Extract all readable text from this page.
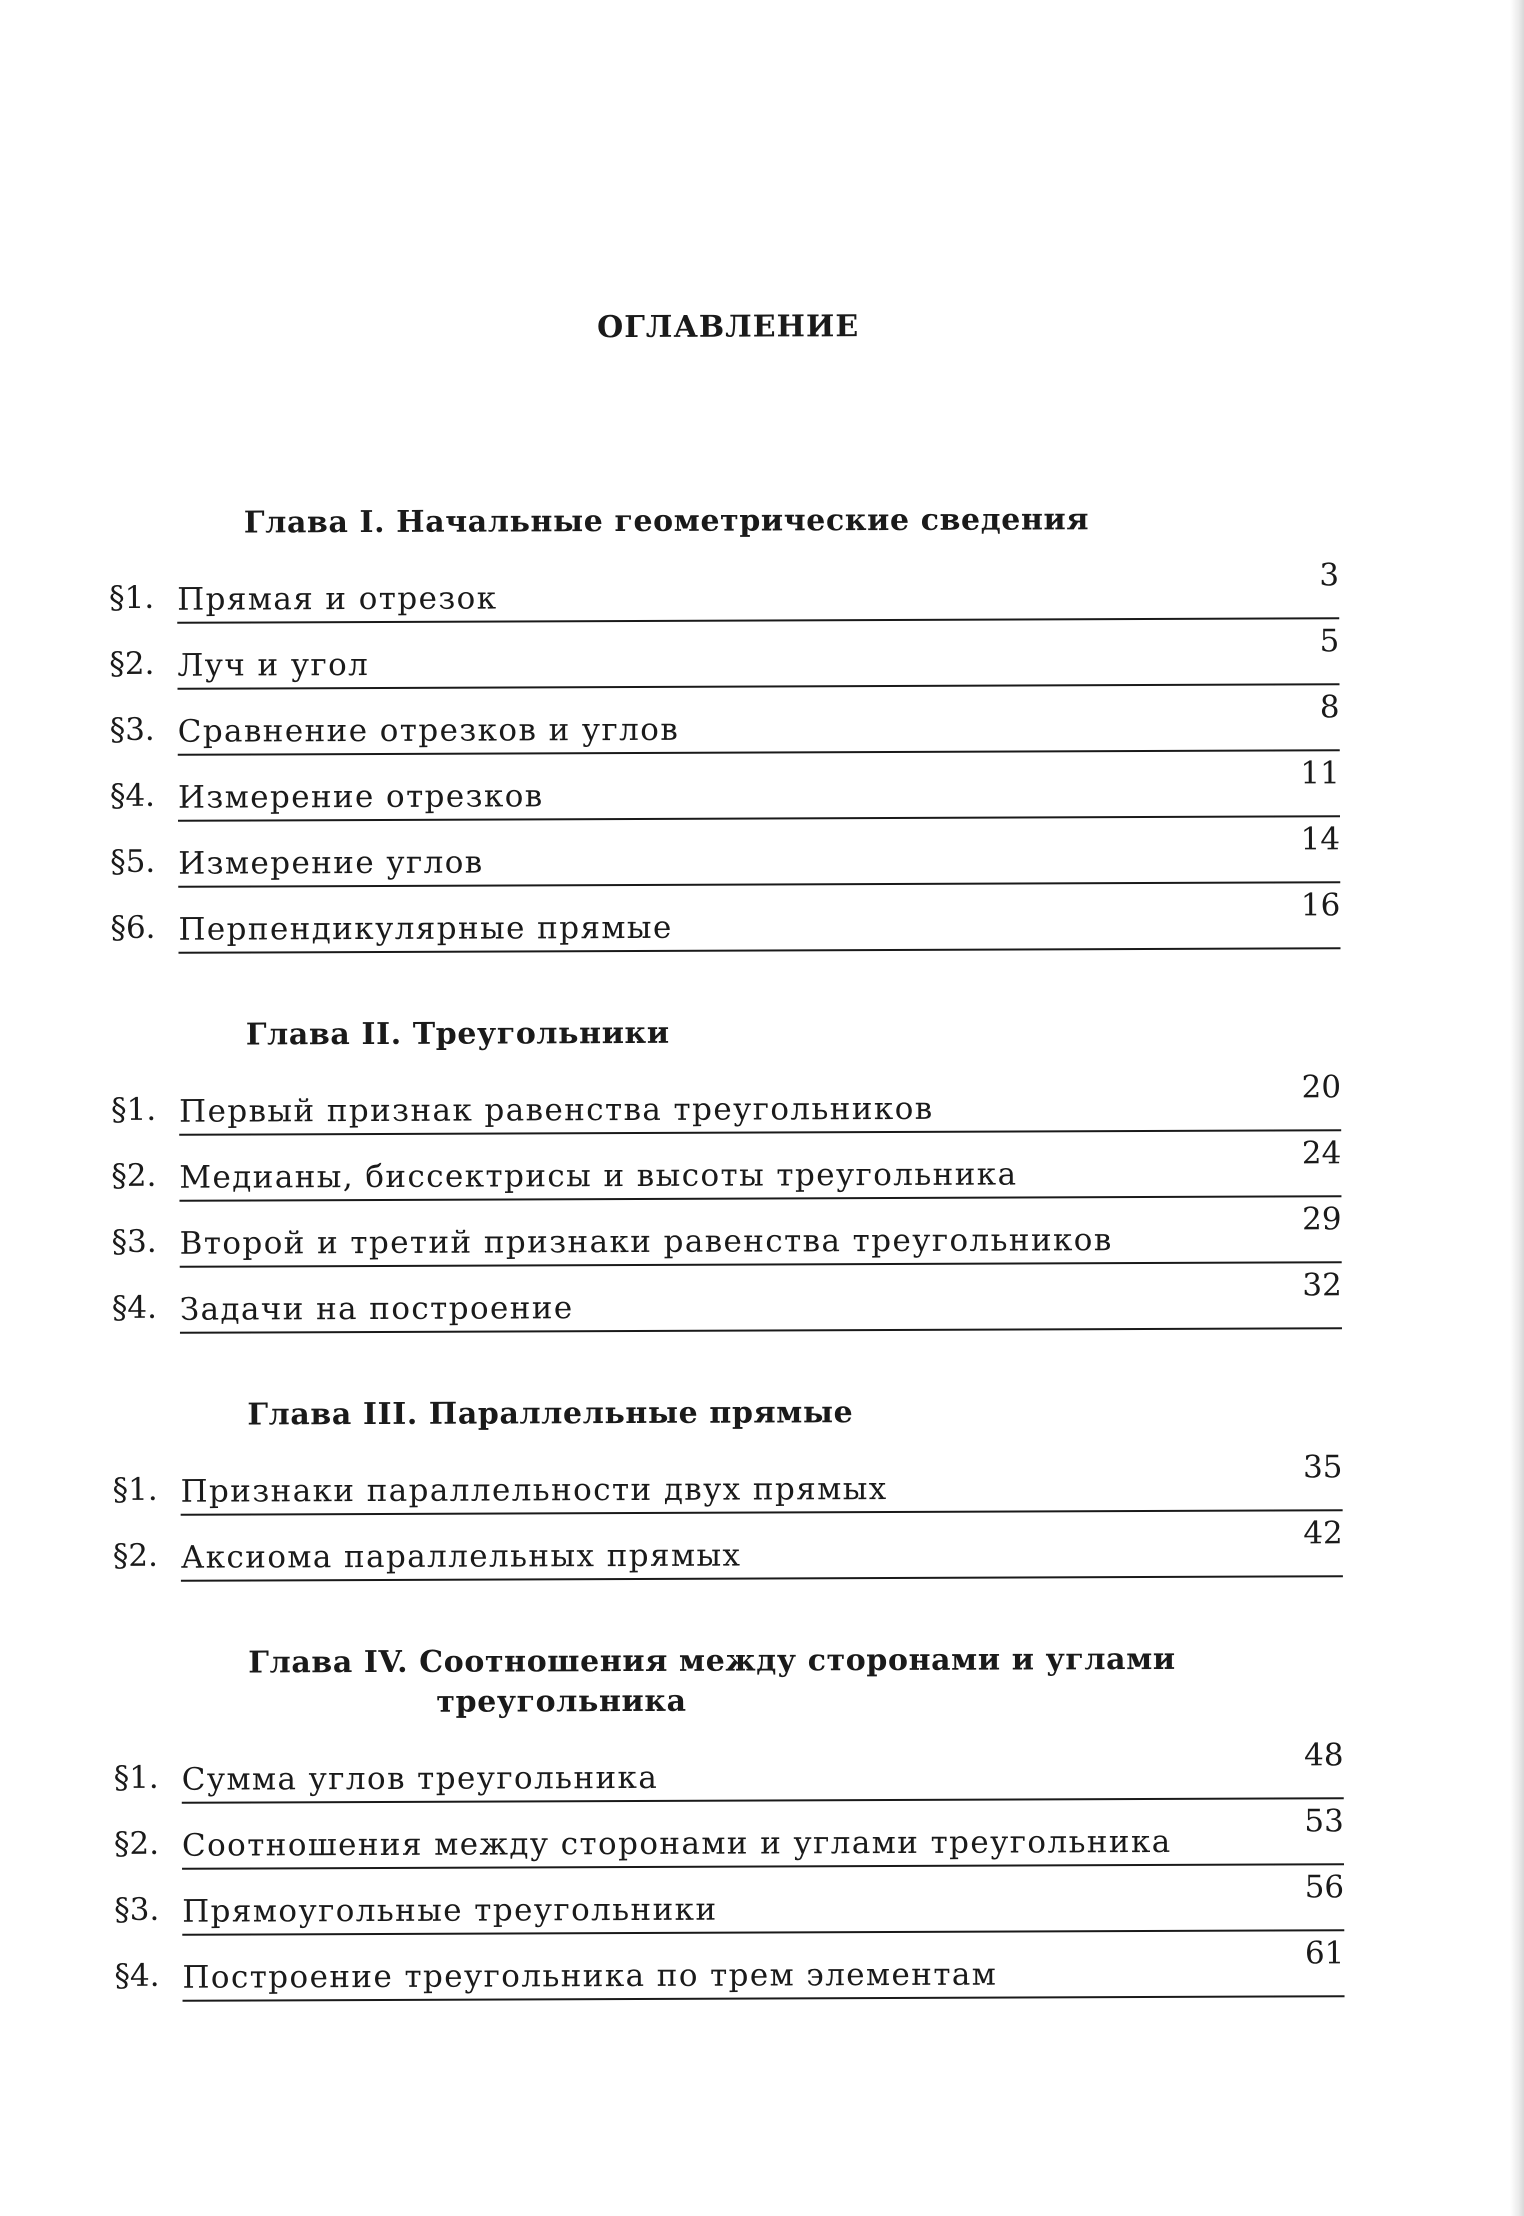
ОГЛАВЛЕНИЕ
Глава I. Начальные геометрические сведения
§1. Прямая и отрезок
3
§2. Луч и угол
5
§3. Сравнение отрезков и углов
8
§4. Измерение отрезков
11
§5. Измерение углов
14
§6. Перпендикулярные прямые
16
Глава II. Треугольники
§1. Первый признак равенства треугольников
20
§2. Медианы, биссектрисы и высоты треугольника
24
§3. Второй и третий признаки равенства треугольников
29
§4. Задачи на построение
32
Глава III. Параллельные прямые
§1. Признаки параллельности двух прямых
35
§2. Аксиома параллельных прямых
42
Глава IV. Соотношения между сторонами и углами
треугольника
§1. Сумма углов треугольника
48
§2. Соотношения между сторонами и углами треугольника
53
§3. Прямоугольные треугольники
56
§4. Построение треугольника по трем элементам
61
